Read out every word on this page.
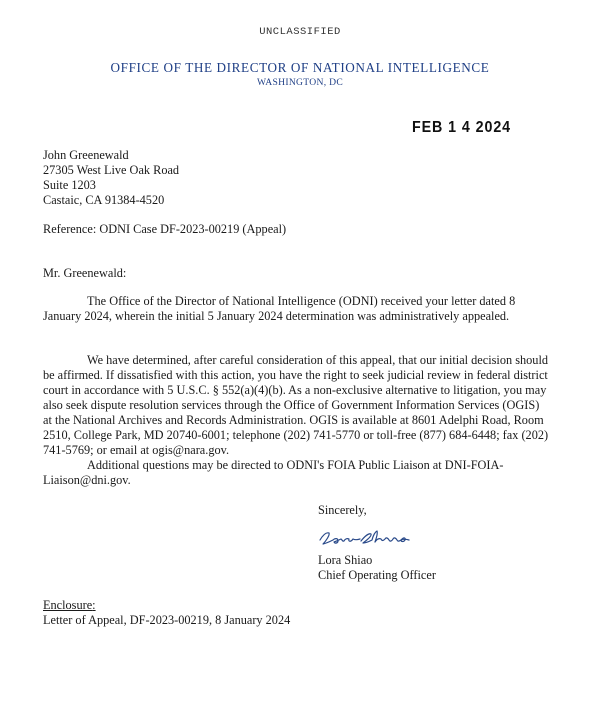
UNCLASSIFIED
OFFICE OF THE DIRECTOR OF NATIONAL INTELLIGENCE
WASHINGTON, DC
FEB 1 4 2024
John Greenewald
27305 West Live Oak Road
Suite 1203
Castaic, CA 91384-4520
Reference: ODNI Case DF-2023-00219 (Appeal)
Mr. Greenewald:
The Office of the Director of National Intelligence (ODNI) received your letter dated 8 January 2024, wherein the initial 5 January 2024 determination was administratively appealed.
We have determined, after careful consideration of this appeal, that our initial decision should be affirmed. If dissatisfied with this action, you have the right to seek judicial review in federal district court in accordance with 5 U.S.C. § 552(a)(4)(b). As a non-exclusive alternative to litigation, you may also seek dispute resolution services through the Office of Government Information Services (OGIS) at the National Archives and Records Administration. OGIS is available at 8601 Adelphi Road, Room 2510, College Park, MD 20740-6001; telephone (202) 741-5770 or toll-free (877) 684-6448; fax (202) 741-5769; or email at ogis@nara.gov.
Additional questions may be directed to ODNI's FOIA Public Liaison at DNI-FOIA-Liaison@dni.gov.
Sincerely,
Lora Shiao
Chief Operating Officer
Enclosure:
Letter of Appeal, DF-2023-00219, 8 January 2024
